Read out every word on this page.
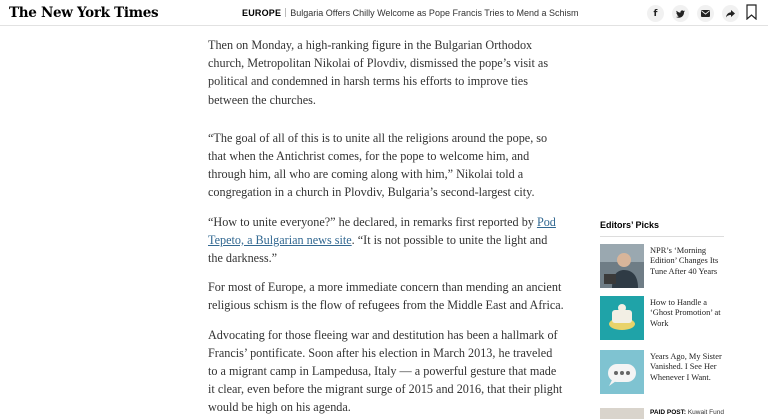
The New York Times	EUROPE Bulgaria Offers Chilly Welcome as Pope Francis Tries to Mend a Schism	f

Then on Monday, a high-ranking figure in the Bulgarian Orthodox church, Metropolitan Nikolai of Plovdiv, dismissed the pope’s visit as political and condemned in harsh terms his efforts to improve ties between the churches.

“The goal of all of this is to unite all the religions around the pope, so that when the Antichrist comes, for the pope to welcome him, and through him, all who are coming along with him,” Nikolai told a congregation in a church in Plovdiv, Bulgaria’s second-largest city.

“How to unite everyone?” he declared, in remarks first reported by Pod Tepeto, a Bulgarian news site. “It is not possible to unite the light and the darkness.”

For most of Europe, a more immediate concern than mending an ancient religious schism is the flow of refugees from the Middle East and Africa.

Advocating for those fleeing war and destitution has been a hallmark of Francis’ pontificate. Soon after his election in March 2013, he traveled to a migrant camp in Lampedusa, Italy — a powerful gesture that made it clear, even before the migrant surge of 2015 and 2016, that their plight would be high on his agenda.

Editors’ Picks
NPR’s ‘Morning Edition’ Changes Its Tune After 40 Years
How to Handle a ‘Ghost Promotion’ at Work
Years Ago, My Sister Vanished. I See Her Whenever I Want.
PAID POST: Kuwait Fund
